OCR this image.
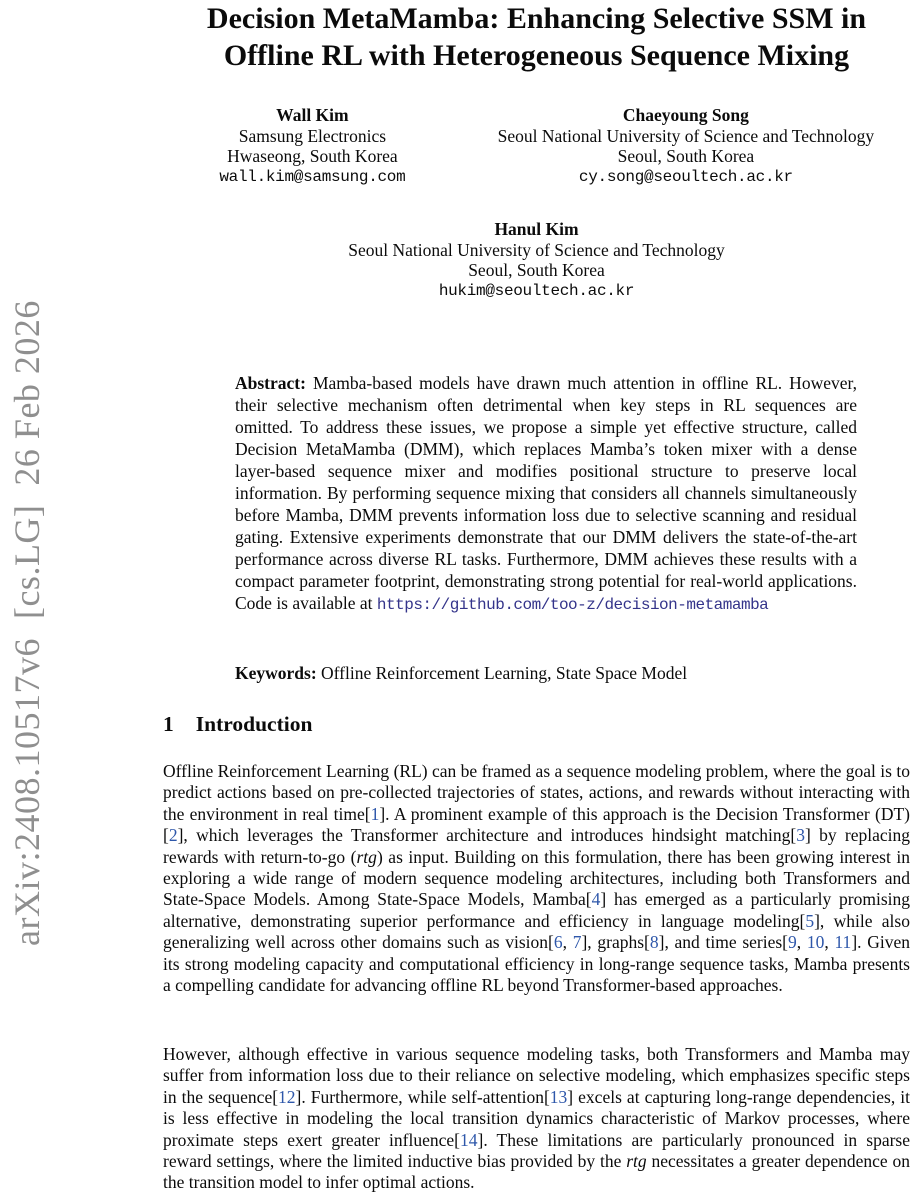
arXiv:2408.10517v6  [cs.LG]  26 Feb 2026
Decision MetaMamba: Enhancing Selective SSM in
Offline RL with Heterogeneous Sequence Mixing
Wall Kim
Samsung Electronics
Hwaseong, South Korea
wall.kim@samsung.com
Chaeyoung Song
Seoul National University of Science and Technology
Seoul, South Korea
cy.song@seoultech.ac.kr
Hanul Kim
Seoul National University of Science and Technology
Seoul, South Korea
hukim@seoultech.ac.kr

Abstract: Mamba-based models have drawn much attention in offline RL. However, their selective mechanism often detrimental when key steps in RL sequences are omitted. To address these issues, we propose a simple yet effective structure, called Decision MetaMamba (DMM), which replaces Mamba’s token mixer with a dense layer-based sequence mixer and modifies positional structure to preserve local information. By performing sequence mixing that considers all channels simultaneously before Mamba, DMM prevents information loss due to selective scanning and residual gating. Extensive experiments demonstrate that our DMM delivers the state-of-the-art performance across diverse RL tasks. Furthermore, DMM achieves these results with a compact parameter footprint, demonstrating strong potential for real-world applications. Code is available at https://github.com/too-z/decision-metamamba

Keywords: Offline Reinforcement Learning, State Space Model

1 Introduction

Offline Reinforcement Learning (RL) can be framed as a sequence modeling problem, where the goal is to predict actions based on pre-collected trajectories of states, actions, and rewards without interacting with the environment in real time[1]. A prominent example of this approach is the Decision Transformer (DT)[2], which leverages the Transformer architecture and introduces hindsight matching[3] by replacing rewards with return-to-go (rtg) as input. Building on this formulation, there has been growing interest in exploring a wide range of modern sequence modeling architectures, including both Transformers and State-Space Models. Among State-Space Models, Mamba[4] has emerged as a particularly promising alternative, demonstrating superior performance and efficiency in language modeling[5], while also generalizing well across other domains such as vision[6, 7], graphs[8], and time series[9, 10, 11]. Given its strong modeling capacity and computational efficiency in long-range sequence tasks, Mamba presents a compelling candidate for advancing offline RL beyond Transformer-based approaches.

However, although effective in various sequence modeling tasks, both Transformers and Mamba may suffer from information loss due to their reliance on selective modeling, which emphasizes specific steps in the sequence[12]. Furthermore, while self-attention[13] excels at capturing long-range dependencies, it is less effective in modeling the local transition dynamics characteristic of Markov processes, where proximate steps exert greater influence[14]. These limitations are particularly pronounced in sparse reward settings, where the limited inductive bias provided by the rtg necessitates a greater dependence on the transition model to infer optimal actions.
